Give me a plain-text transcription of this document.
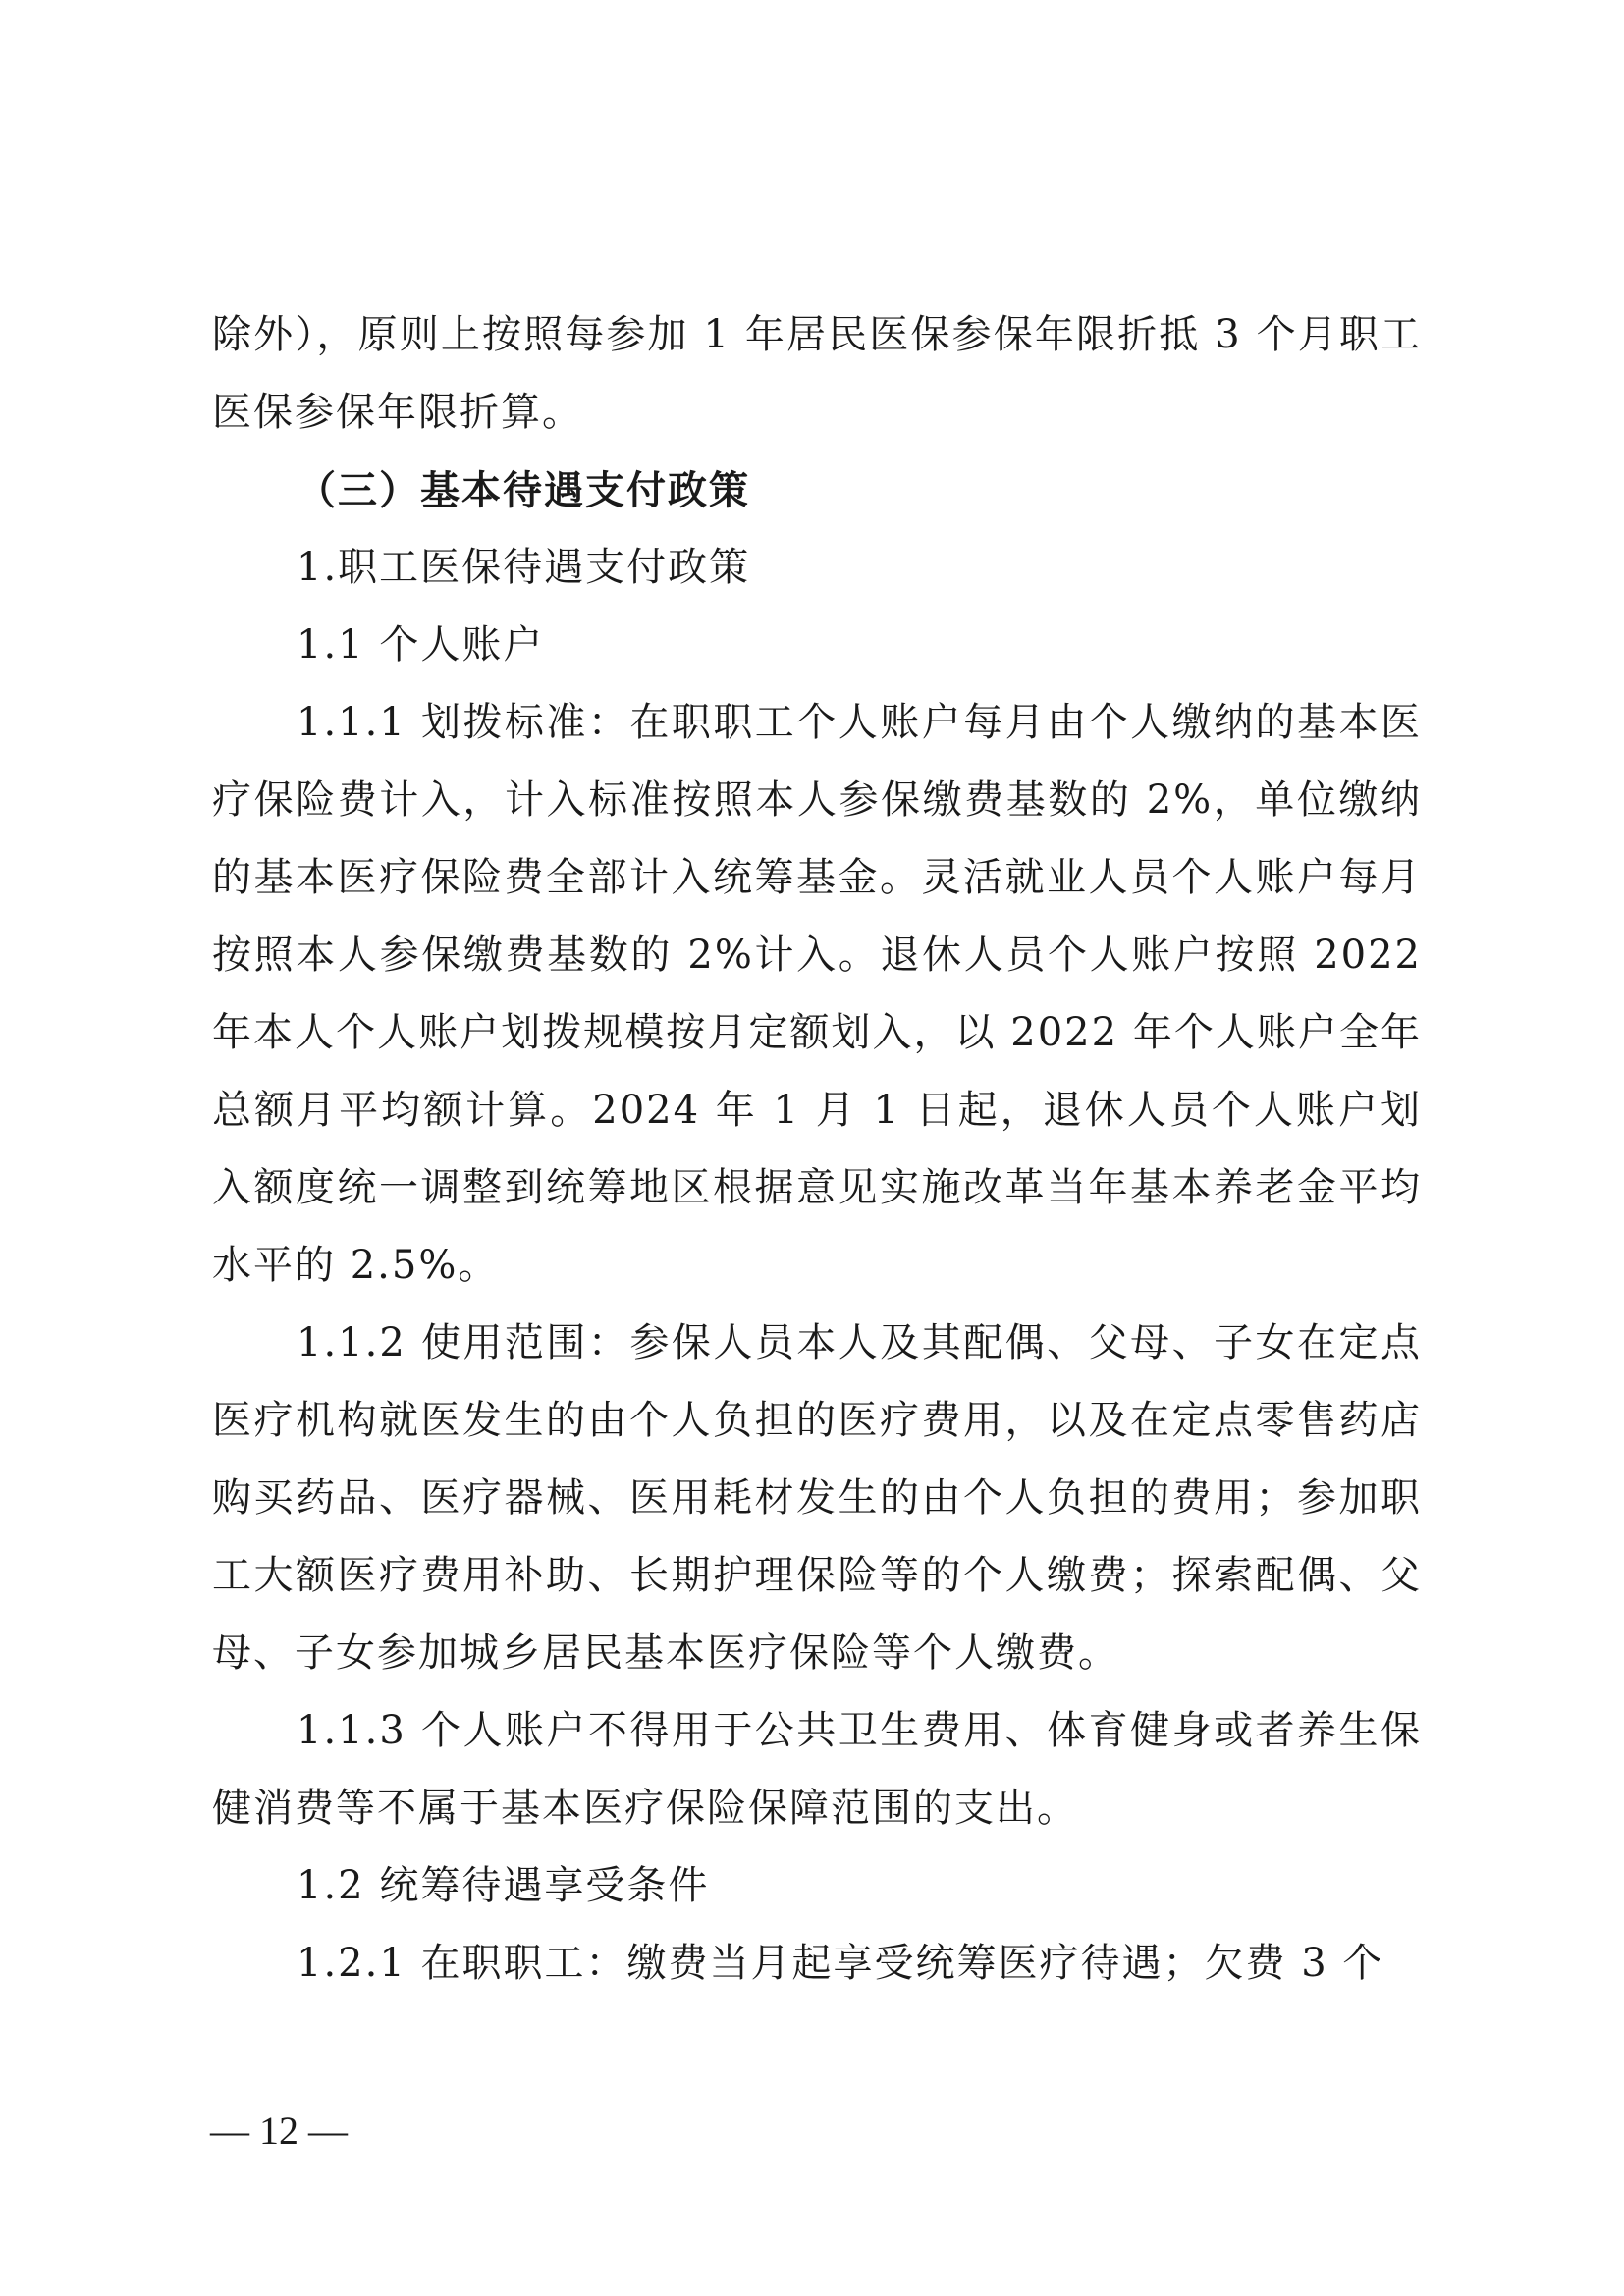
除外），原则上按照每参加 1 年居民医保参保年限折抵 3 个月职工医保参保年限折算。

（三）基本待遇支付政策

1.职工医保待遇支付政策

1.1 个人账户

1.1.1 划拨标准：在职职工个人账户每月由个人缴纳的基本医疗保险费计入，计入标准按照本人参保缴费基数的 2%，单位缴纳的基本医疗保险费全部计入统筹基金。灵活就业人员个人账户每月按照本人参保缴费基数的 2%计入。退休人员个人账户按照 2022 年本人个人账户划拨规模按月定额划入，以 2022 年个人账户全年总额月平均额计算。2024 年 1 月 1 日起，退休人员个人账户划入额度统一调整到统筹地区根据意见实施改革当年基本养老金平均水平的 2.5%。

1.1.2 使用范围：参保人员本人及其配偶、父母、子女在定点医疗机构就医发生的由个人负担的医疗费用，以及在定点零售药店购买药品、医疗器械、医用耗材发生的由个人负担的费用；参加职工大额医疗费用补助、长期护理保险等的个人缴费；探索配偶、父母、子女参加城乡居民基本医疗保险等个人缴费。

1.1.3 个人账户不得用于公共卫生费用、体育健身或者养生保健消费等不属于基本医疗保险保障范围的支出。

1.2 统筹待遇享受条件

1.2.1 在职职工：缴费当月起享受统筹医疗待遇；欠费 3 个

— 12 —
